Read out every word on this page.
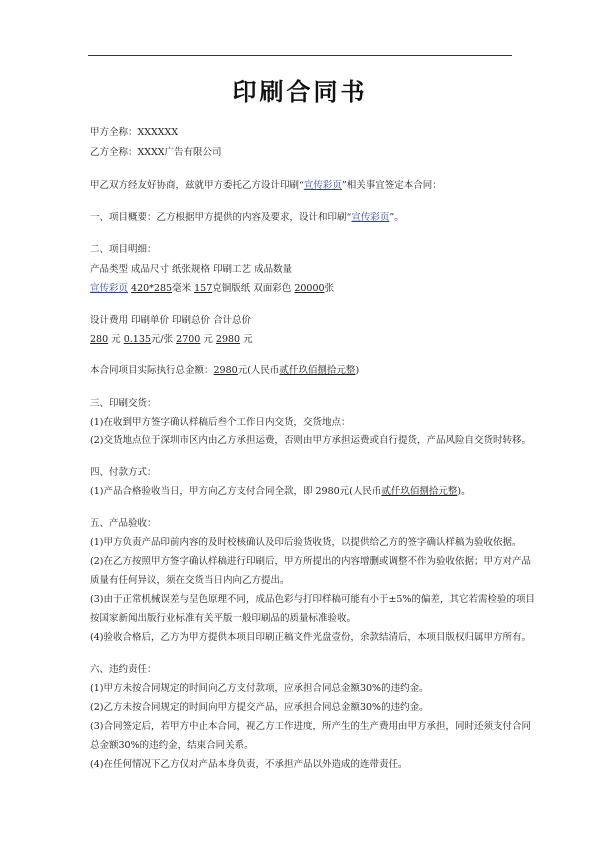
印刷合同书
甲方全称：XXXXXX
乙方全称：XXXX广告有限公司
甲乙双方经友好协商，兹就甲方委托乙方设计印刷“宣传彩页”相关事宜签定本合同：
一、项目概要：乙方根据甲方提供的内容及要求，设计和印刷“宣传彩页”。
二、项目明细：
产品类型 成品尺寸 纸张规格 印刷工艺 成品数量
宣传彩页 420*285毫米 157克铜版纸 双面彩色 20000张
设计费用 印刷单价 印刷总价 合计总价
280 元 0.135元/张 2700 元 2980 元
本合同项目实际执行总金额：2980元(人民币贰仟玖佰捌拾元整)
三、印刷交货：
(1)在收到甲方签字确认样稿后叁个工作日内交货，交货地点：
(2)交货地点位于深圳市区内由乙方承担运费，否则由甲方承担运费或自行提货，产品风险自交货时转移。
四、付款方式：
(1)产品合格验收当日，甲方向乙方支付合同全款，即 2980元(人民币贰仟玖佰捌拾元整)。
五、产品验收：
(1)甲方负责产品印前内容的及时校核确认及印后验货收货，以提供给乙方的签字确认样稿为验收依据。
(2)在乙方按照甲方签字确认样稿进行印刷后，甲方所提出的内容增删或调整不作为验收依据；甲方对产品
质量有任何异议，须在交货当日内向乙方提出。
(3)由于正常机械误差与呈色原理不同，成品色彩与打印样稿可能有小于±5%的偏差，其它若需检验的项目
按国家新闻出版行业标准有关平版一般印刷品的质量标准验收。
(4)验收合格后，乙方为甲方提供本项目印刷正稿文件光盘壹份，余款结清后，本项目版权归属甲方所有。
六、违约责任：
(1)甲方未按合同规定的时间向乙方支付款项，应承担合同总金额30%的违约金。
(2)乙方未按合同规定的时间向甲方提交产品，应承担合同总金额30%的违约金。
(3)合同签定后，若甲方中止本合同，视乙方工作进度，所产生的生产费用由甲方承担，同时还须支付合同
总金额30%的违约金，结束合同关系。
(4)在任何情况下乙方仅对产品本身负责，不承担产品以外造成的连带责任。
